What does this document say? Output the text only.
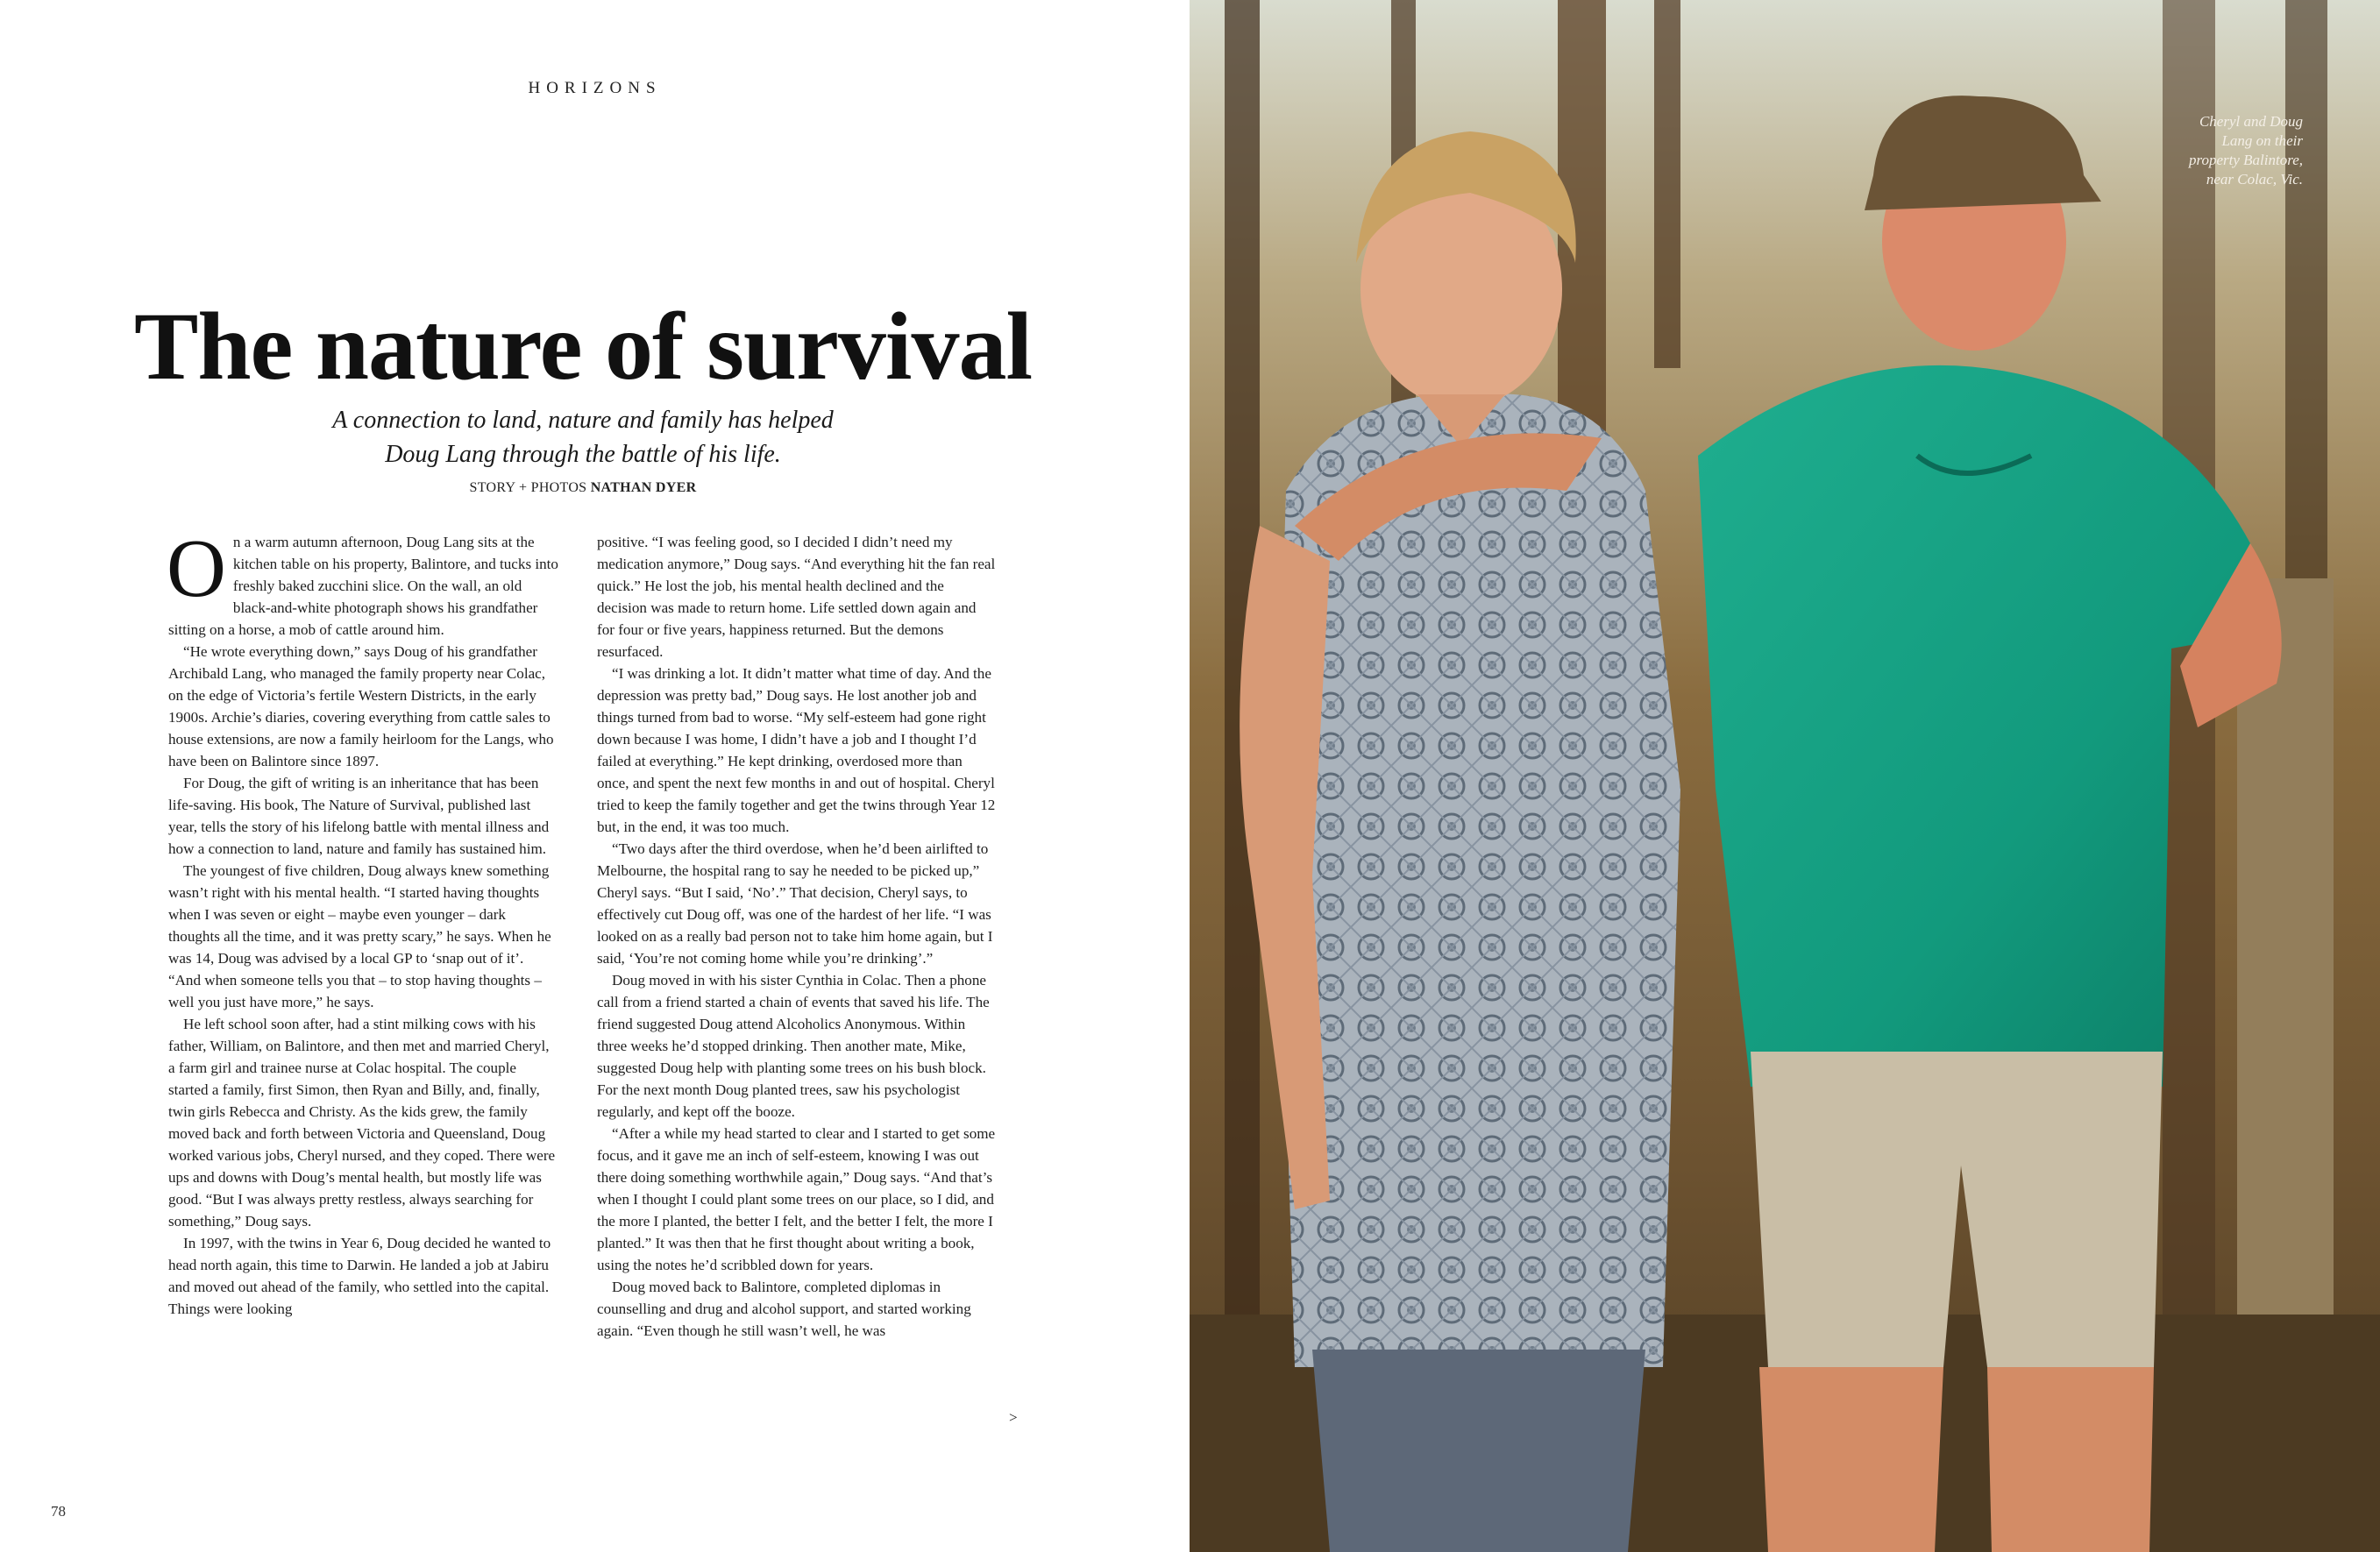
HORIZONS
The nature of survival
A connection to land, nature and family has helped
Doug Lang through the battle of his life.
STORY + PHOTOS NATHAN DYER

On a warm autumn afternoon, Doug Lang sits at the kitchen table on his property, Balintore, and tucks into freshly baked zucchini slice. On the wall, an old black-and-white photograph shows his grandfather sitting on a horse, a mob of cattle around him.

“He wrote everything down,” says Doug of his grandfather Archibald Lang, who managed the family property near Colac, on the edge of Victoria’s fertile Western Districts, in the early 1900s. Archie’s diaries, covering everything from cattle sales to house extensions, are now a family heirloom for the Langs, who have been on Balintore since 1897.

For Doug, the gift of writing is an inheritance that has been life-saving. His book, The Nature of Survival, published last year, tells the story of his lifelong battle with mental illness and how a connection to land, nature and family has sustained him.

The youngest of five children, Doug always knew something wasn’t right with his mental health. “I started having thoughts when I was seven or eight – maybe even younger – dark thoughts all the time, and it was pretty scary,” he says. When he was 14, Doug was advised by a local GP to ‘snap out of it’. “And when someone tells you that – to stop having thoughts – well you just have more,” he says.

He left school soon after, had a stint milking cows with his father, William, on Balintore, and then met and married Cheryl, a farm girl and trainee nurse at Colac hospital. The couple started a family, first Simon, then Ryan and Billy, and, finally, twin girls Rebecca and Christy. As the kids grew, the family moved back and forth between Victoria and Queensland, Doug worked various jobs, Cheryl nursed, and they coped. There were ups and downs with Doug’s mental health, but mostly life was good. “But I was always pretty restless, always searching for something,” Doug says.

In 1997, with the twins in Year 6, Doug decided he wanted to head north again, this time to Darwin. He landed a job at Jabiru and moved out ahead of the family, who settled into the capital. Things were looking

positive. “I was feeling good, so I decided I didn’t need my medication anymore,” Doug says. “And everything hit the fan real quick.” He lost the job, his mental health declined and the decision was made to return home. Life settled down again and for four or five years, happiness returned. But the demons resurfaced.

“I was drinking a lot. It didn’t matter what time of day. And the depression was pretty bad,” Doug says. He lost another job and things turned from bad to worse. “My self-esteem had gone right down because I was home, I didn’t have a job and I thought I’d failed at everything.” He kept drinking, overdosed more than once, and spent the next few months in and out of hospital. Cheryl tried to keep the family together and get the twins through Year 12 but, in the end, it was too much.

“Two days after the third overdose, when he’d been airlifted to Melbourne, the hospital rang to say he needed to be picked up,” Cheryl says. “But I said, ‘No’.” That decision, Cheryl says, to effectively cut Doug off, was one of the hardest of her life. “I was looked on as a really bad person not to take him home again, but I said, ‘You’re not coming home while you’re drinking’.”

Doug moved in with his sister Cynthia in Colac. Then a phone call from a friend started a chain of events that saved his life. The friend suggested Doug attend Alcoholics Anonymous. Within three weeks he’d stopped drinking. Then another mate, Mike, suggested Doug help with planting some trees on his bush block. For the next month Doug planted trees, saw his psychologist regularly, and kept off the booze.

“After a while my head started to clear and I started to get some focus, and it gave me an inch of self-esteem, knowing I was out there doing something worthwhile again,” Doug says. “And that’s when I thought I could plant some trees on our place, so I did, and the more I planted, the better I felt, and the better I felt, the more I planted.” It was then that he first thought about writing a book, using the notes he’d scribbled down for years.

Doug moved back to Balintore, completed diplomas in counselling and drug and alcohol support, and started working again. “Even though he still wasn’t well, he was

>
78
Cheryl and Doug
Lang on their
property Balintore,
near Colac, Vic.
